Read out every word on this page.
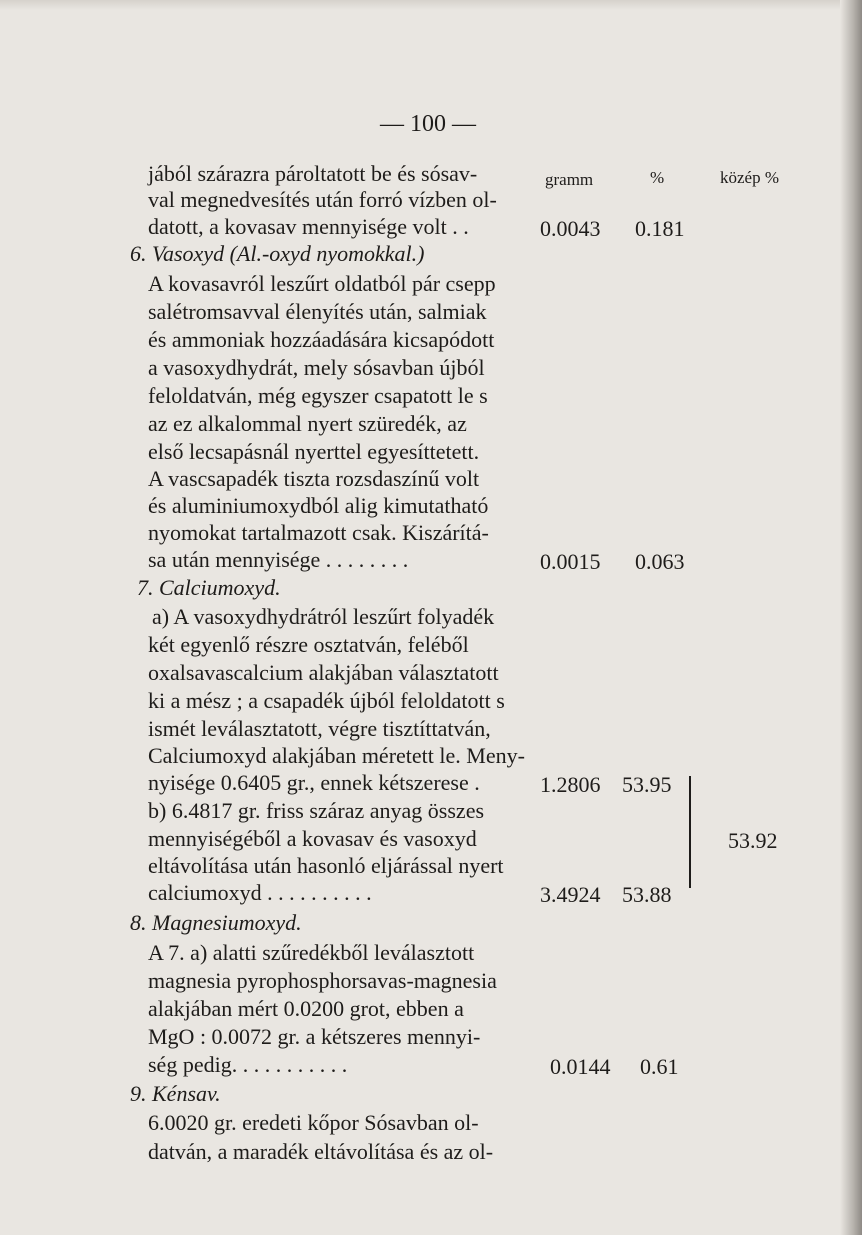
— 100 —
gramm	%	közép %
jából szárazra pároltatott be és sósav-
val megnedvesítés után forró vízben ol-
datott, a kovasav mennyisége volt . .
6. Vasoxyd (Al.-oxyd nyomokkal.)
A kovasavról leszűrt oldatból pár csepp
salétromsavval élenyítés után, salmiak
és ammoniak hozzáadására kicsapódott
a vasoxydhydrát, mely sósavban újból
feloldatván, még egyszer csapatott le s
az ez alkalommal nyert szüredék, az
első lecsapásnál nyerttel egyesíttetett.
A vascsapadék tiszta rozsdaszínű volt
és aluminiumoxydból alig kimutatható
nyomokat tartalmazott csak. Kiszárítá-
sa után mennyisége . . . . . . . .
7. Calciumoxyd.
a) A vasoxydhydrátról leszűrt folyadék
két egyenlő részre osztatván, feléből
oxalsavascalcium alakjában választatott
ki a mész ; a csapadék újból feloldatott s
ismét leválasztatott, végre tisztíttatván,
Calciumoxyd alakjában méretett le. Meny-
nyisége 0.6405 gr., ennek kétszerese .
b) 6.4817 gr. friss száraz anyag összes
mennyiségéből a kovasav és vasoxyd
eltávolítása után hasonló eljárással nyert
calciumoxyd . . . . . . . . . .
8. Magnesiumoxyd.
A 7. a) alatti szűredékből leválasztott
magnesia pyrophosphorsavas-magnesia
alakjában mért 0.0200 grot, ebben a
MgO : 0.0072 gr. a kétszeres mennyi-
ség pedig. . . . . . . . . . .
9. Kénsav.
6.0020 gr. eredeti kőpor Sósavban ol-
datván, a maradék eltávolítása és az ol-
0.0043 0.181
0.0015 0.063
1.2806 53.95
53.92
3.4924 53.88
0.0144 0.61
